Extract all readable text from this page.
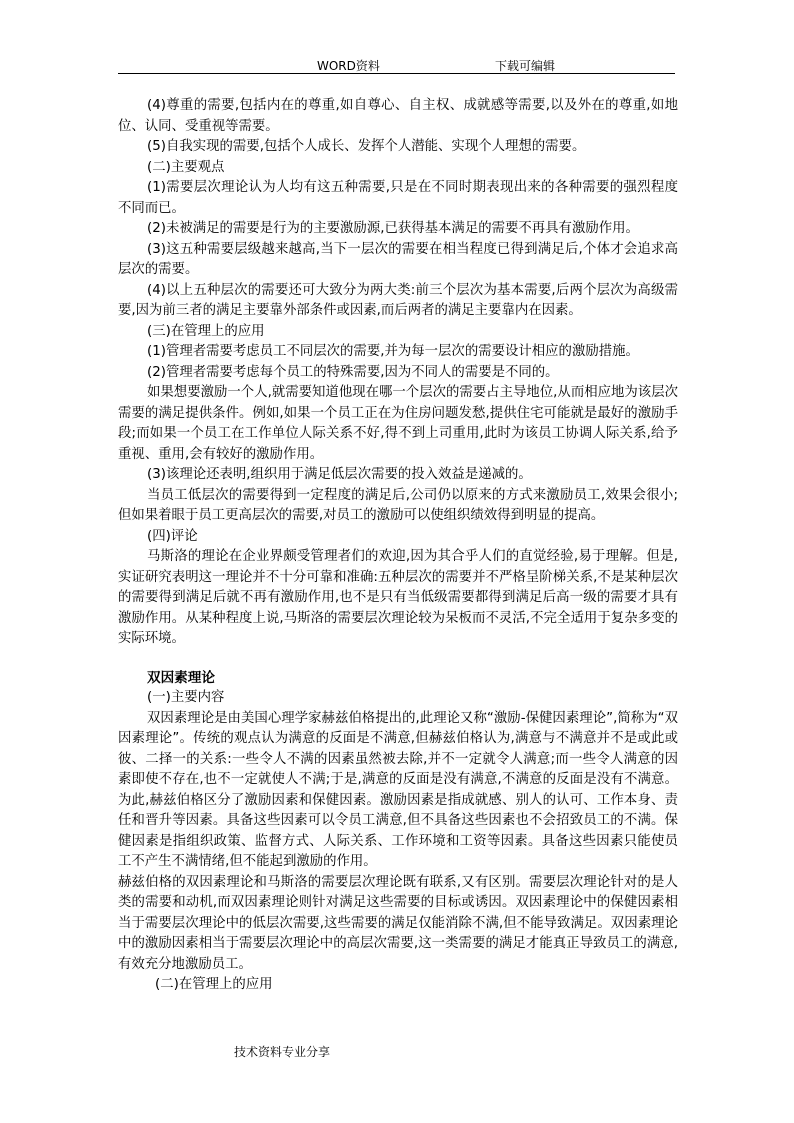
WORD资料	下载可编辑

(4)尊重的需要,包括内在的尊重,如自尊心、自主权、成就感等需要,以及外在的尊重,如地位、认同、受重视等需要。

(5)自我实现的需要,包括个人成长、发挥个人潜能、实现个人理想的需要。

(二)主要观点

(1)需要层次理论认为人均有这五种需要,只是在不同时期表现出来的各种需要的强烈程度不同而已。

(2)未被满足的需要是行为的主要激励源,已获得基本满足的需要不再具有激励作用。

(3)这五种需要层级越来越高,当下一层次的需要在相当程度已得到满足后,个体才会追求高层次的需要。

(4)以上五种层次的需要还可大致分为两大类:前三个层次为基本需要,后两个层次为高级需要,因为前三者的满足主要靠外部条件或因素,而后两者的满足主要靠内在因素。

(三)在管理上的应用

(1)管理者需要考虑员工不同层次的需要,并为每一层次的需要设计相应的激励措施。

(2)管理者需要考虑每个员工的特殊需要,因为不同人的需要是不同的。

如果想要激励一个人,就需要知道他现在哪一个层次的需要占主导地位,从而相应地为该层次需要的满足提供条件。例如,如果一个员工正在为住房问题发愁,提供住宅可能就是最好的激励手段;而如果一个员工在工作单位人际关系不好,得不到上司重用,此时为该员工协调人际关系,给予重视、重用,会有较好的激励作用。

(3)该理论还表明,组织用于满足低层次需要的投入效益是递减的。

当员工低层次的需要得到一定程度的满足后,公司仍以原来的方式来激励员工,效果会很小;但如果着眼于员工更高层次的需要,对员工的激励可以使组织绩效得到明显的提高。

(四)评论

马斯洛的理论在企业界颇受管理者们的欢迎,因为其合乎人们的直觉经验,易于理解。但是,实证研究表明这一理论并不十分可靠和准确:五种层次的需要并不严格呈阶梯关系,不是某种层次的需要得到满足后就不再有激励作用,也不是只有当低级需要都得到满足后高一级的需要才具有激励作用。从某种程度上说,马斯洛的需要层次理论较为呆板而不灵活,不完全适用于复杂多变的实际环境。

双因素理论

(一)主要内容

双因素理论是由美国心理学家赫兹伯格提出的,此理论又称“激励-保健因素理论”,简称为“双因素理论”。传统的观点认为满意的反面是不满意,但赫兹伯格认为,满意与不满意并不是或此或彼、二择一的关系:一些令人不满的因素虽然被去除,并不一定就令人满意;而一些令人满意的因素即使不存在,也不一定就使人不满;于是,满意的反面是没有满意,不满意的反面是没有不满意。为此,赫兹伯格区分了激励因素和保健因素。激励因素是指成就感、别人的认可、工作本身、责任和晋升等因素。具备这些因素可以令员工满意,但不具备这些因素也不会招致员工的不满。保健因素是指组织政策、监督方式、人际关系、工作环境和工资等因素。具备这些因素只能使员工不产生不满情绪,但不能起到激励的作用。

赫兹伯格的双因素理论和马斯洛的需要层次理论既有联系,又有区别。需要层次理论针对的是人类的需要和动机,而双因素理论则针对满足这些需要的目标或诱因。双因素理论中的保健因素相当于需要层次理论中的低层次需要,这些需要的满足仅能消除不满,但不能导致满足。双因素理论中的激励因素相当于需要层次理论中的高层次需要,这一类需要的满足才能真正导致员工的满意,有效充分地激励员工。

(二)在管理上的应用

技术资料专业分享
